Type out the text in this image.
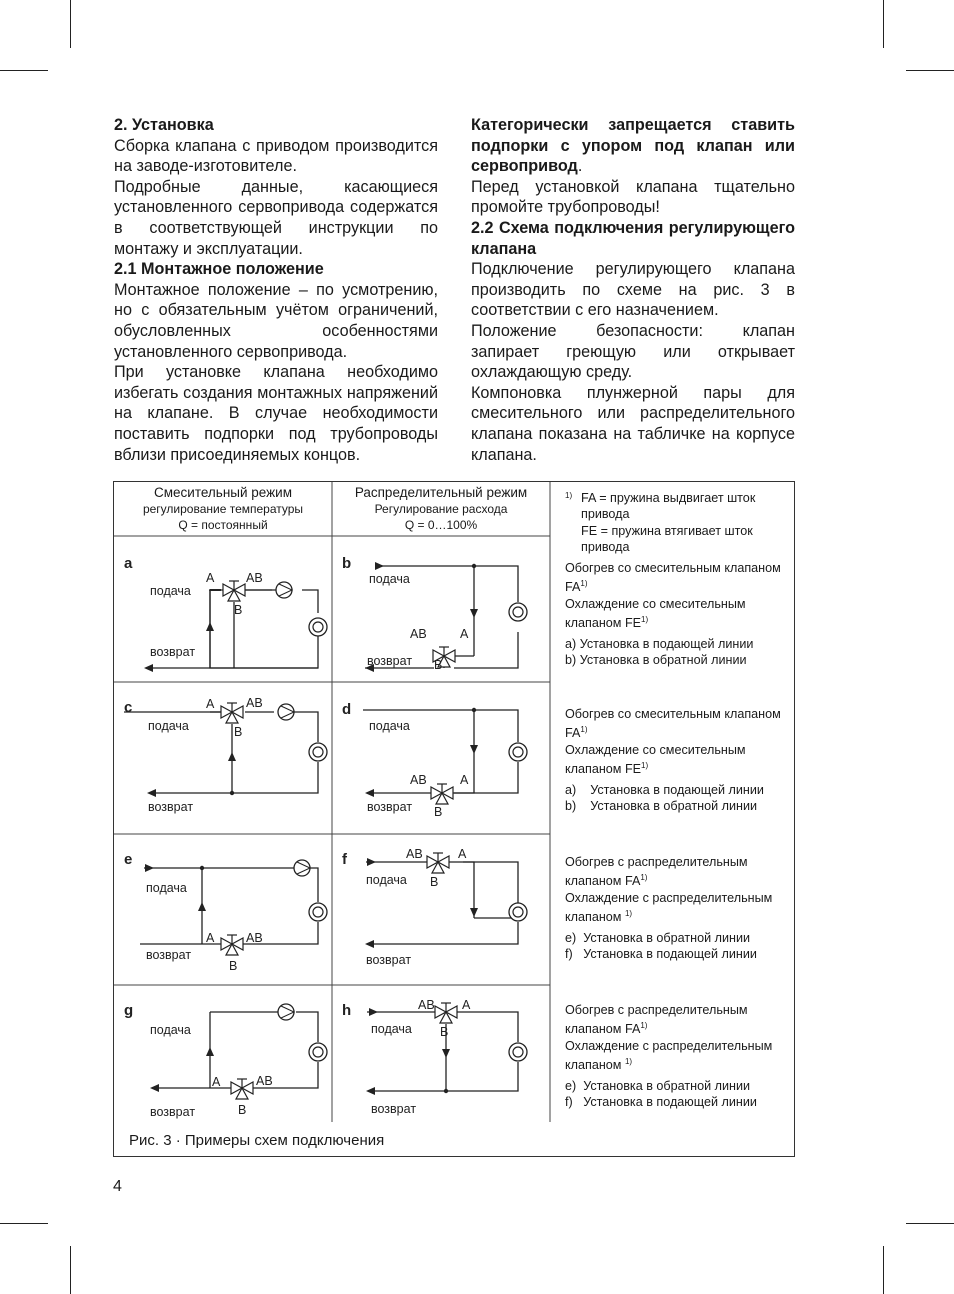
2. Установка

Сборка клапана с приводом производится на заводе-изготовителе.

Подробные данные, касающиеся установленного сервопривода содержатся в соответствующей инструкции по монтажу и эксплуатации.

2.1 Монтажное положение

Монтажное положение – по усмотрению, но с обязательным учётом ограничений, обусловленных особенностями установленного сервопривода.

При установке клапана необходимо избегать создания монтажных напряжений на клапане. В случае необходимости поставить подпорки под трубопроводы вблизи присоединяемых концов.

Категорически запрещается ставить подпорки с упором под клапан или сервопривод.

Перед установкой клапана тщательно промойте трубопроводы!

2.2 Схема подключения регулирующего клапана

Подключение регулирующего клапана производить по схеме на рис. 3 в соответствии с его назначением.

Положение безопасности: клапан запирает греющую или открывает охлаждающую среду.

Компоновка плунжерной пары для смесительного или распределительного клапана показана на табличке на корпусе клапана.

Смесительный режим
регулирование температуры
Q = постоянный
Распределительный режим
Регулирование расхода
Q = 0…100%
a
подача
возврат
A	AB
B
b
подача
возврат
AB	A
B
c
подача
возврат
A	AB
B
d
подача
возврат
AB	A
B
e
подача
возврат
A	AB
B
f
подача
возврат
AB	A
B
g
подача
возврат
A	AB
B
h
подача
возврат
AB A
B
1) FA = пружина выдвигает шток привода
FE = пружина втягивает шток привода
Обогрев со смесительным клапаном FA$^{1)}$
Охлаждение со смесительным клапаном FE$^{1)}$
a) Установка в подающей линии
b) Установка в обратной линии
Обогрев со смесительным клапаном FA$^{1)}$
Охлаждение со смесительным клапаном FE$^{1)}$
a)    Установка в подающей линии
b)    Установка в обратной линии
Обогрев с распределительным клапаном FA$^{1)}$
Охлаждение с распределительным клапаном $^{1)}$
e)  Установка в обратной линии
f)   Установка в подающей линии
Обогрев с распределительным клапаном FA$^{1)}$
Охлаждение с распределительным клапаном $^{1)}$
e)  Установка в обратной линии
f)   Установка в подающей линии
Рис. 3 · Примеры схем подключения
4
